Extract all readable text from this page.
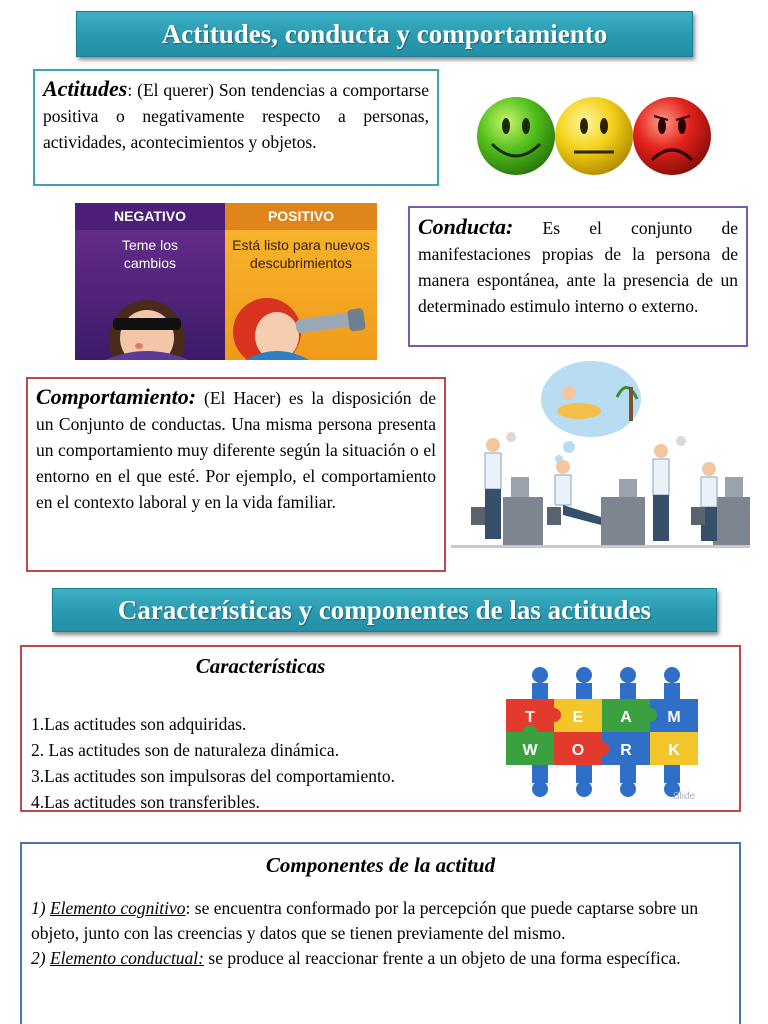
Actitudes, conducta y comportamiento
Actitudes: (El querer) Son tendencias a comportarse positiva o negativamente respecto a personas, actividades, acontecimientos y objetos.
NEGATIVO
Teme los cambios
POSITIVO
Está listo para nuevos descubrimientos
Conducta: Es el conjunto de manifestaciones propias de la persona de manera espontánea, ante la presencia de un determinado estimulo interno o externo.
Comportamiento: (El Hacer) es la disposición de un Conjunto de conductas. Una misma persona presenta un comportamiento muy diferente según la situación o el entorno en el que esté. Por ejemplo, el comportamiento en el contexto laboral y en la vida familiar.
Características y componentes de las actitudes
Características
1.Las actitudes son adquiridas.
2. Las actitudes son de naturaleza dinámica.
3.Las actitudes son impulsoras del comportamiento.
4.Las actitudes son transferibles.
T E A M
W O R K
Slide
Componentes de la actitud
1) Elemento cognitivo: se encuentra conformado por la percepción que puede captarse sobre un objeto, junto con las creencias y datos que se tienen previamente del mismo.
2) Elemento conductual: se produce al reaccionar frente a un objeto de una forma específica.
